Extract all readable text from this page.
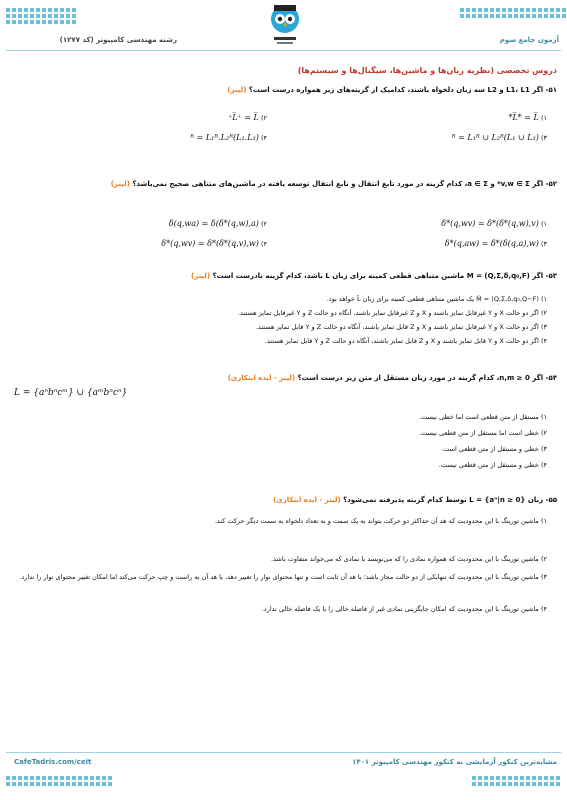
آزمون جامع سوم
رشته مهندسی کامپیوتر (کد ۱۲۷۷)
دروس تخصصی (نظریه زبان‌ها و ماشین‌ها، سیگنال‌ها و سیستم‌ها)
۵۱- اگر L1، L1 و L2 سه زبان دلخواه باشند، کدامیک از گزینه‌های زیر همواره درست است؟ (لینز)
۱) L̅* = L̅*
۲) L̅⁺ = L̅⁺
۳) (L₁ ∪ L₂)ᴿ = L₁ᴿ ∪ L₂ᴿ
۴) (L₁.L₂)ᴿ = L₁ᴿ.L₂ᴿ
۵۲- اگر v,w ∈ Σ* و a ∈ Σ، کدام گزینه در مورد تابع انتقال و تابع انتقال توسعه یافته در ماشین‌های متناهی صحیح نمی‌باشد؟ (لینز)
۱) δ*(q,wv) = δ*(δ*(q,w),v)
۲) δ(q,wa) = δ(δ*(q,w),a)
۳) δ*(q,aw) = δ*(δ(q,a),w)
۴) δ*(q,wv) = δ*(δ*(q,v),w)
۵۳- اگر M = (Q,Σ,δ,q₀,F) ماشین متناهی قطعی کمینه برای زبان L باشد، کدام گزینه نادرست است؟ (لینز)
۱) M̂ = (Q,Σ,δ,q₀,Q−F) یک ماشین متناهی قطعی کمینه برای زبان L̄ خواهد بود.
۲) اگر دو حالت X و Y غیرقابل تمایز باشند و X و Z غیرقابل تمایز باشند، آنگاه دو حالت Z و Y غیرقابل تمایز هستند.
۳) اگر دو حالت X و Y غیرقابل تمایز باشند و X و Z قابل تمایز باشند، آنگاه دو حالت Z و Y قابل تمایز هستند.
۴) اگر دو حالت X و Y قابل تمایز باشند و X و Z قابل تمایز باشند، آنگاه دو حالت Z و Y قابل تمایز هستند.
۵۴- اگر n,m ≥ 0، کدام گزینه در مورد زبان مستقل از متن زیر درست است؟ (لینز - ایده ابتکاری)
L = {aⁿbⁿcᵐ} ∪ {aᵐbⁿcⁿ}
۱) مستقل از متن قطعی است اما خطی نیست.
۲) خطی است اما مستقل از متن قطعی نیست.
۳) خطی و مستقل از متن قطعی است.
۴) خطی و مستقل از متن قطعی نیست.
۵۵- زبان L = {aⁿ|n ≥ 0} توسط کدام گزینه پذیرفته نمی‌شود؟ (لینز - ایده ابتکاری)
۱) ماشین تورینگ با این محدودیت که هد آن حداکثر دو حرکت بتواند به یک سمت و به تعداد دلخواه به سمت دیگر حرکت کند.
۲) ماشین تورینگ با این محدودیت که همواره نمادی را که می‌نویسد با نمادی که می‌خواند متفاوت باشد.
۳) ماشین تورینگ با این محدودیت که تنهایکی از دو حالت مجاز باشد؛ با هد آن ثابت است و تنها محتوای نوار را تغییر دهد، یا هد آن به راست و چپ حرکت می‌کند اما امکان تغییر محتوای نوار را ندارد.
۴) ماشین تورینگ با این محدودیت که امکان جایگزینی نمادی غیر از فاصله خالی را با یک فاصله خالی ندارد.
CafeTadris.com/ceit	مشابه‌ترین کنکور آزمایشی به کنکور مهندسی کامپیوتر ۱۴۰۱
